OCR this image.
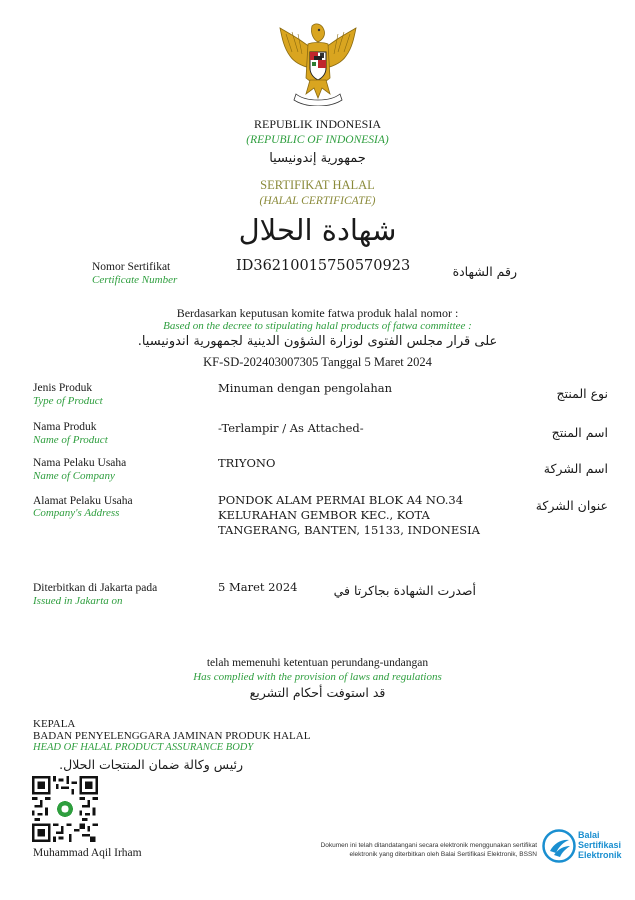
REPUBLIK INDONESIA
(REPUBLIC OF INDONESIA)
جمهورية إندونيسيا
SERTIFIKAT HALAL
(HALAL CERTIFICATE)
شهادة الحلال
Nomor Sertifikat
Certificate Number
ID36210015750570923	رقم الشهادة
Berdasarkan keputusan komite fatwa produk halal nomor :
Based on the decree to stipulating halal products of fatwa committee :
على قرار مجلس الفتوى لوزارة الشؤون الدينية لجمهورية اندونيسيا.
KF-SD-202403007305 Tanggal 5 Maret 2024
Jenis Produk
Type of Product
Minuman dengan pengolahan	نوع المنتج
Nama Produk
Name of Product
-Terlampir / As Attached-	اسم المنتج
Nama Pelaku Usaha
Name of Company
TRIYONO	اسم الشركة
Alamat Pelaku Usaha
Company's Address
PONDOK ALAM PERMAI BLOK A4 NO.34
KELURAHAN GEMBOR KEC., KOTA
TANGERANG, BANTEN, 15133, INDONESIA
عنوان الشركة
Diterbitkan di Jakarta pada
Issued in Jakarta on
5 Maret 2024	أصدرت الشهادة بجاكرتا في
telah memenuhi ketentuan perundang-undangan
Has complied with the provision of laws and regulations
قد استوفت أحكام التشريع
KEPALA
BADAN PENYELENGGARA JAMINAN PRODUK HALAL
HEAD OF HALAL PRODUCT ASSURANCE BODY
رئيس وكالة ضمان المنتجات الحلال.
Muhammad Aqil Irham
Dokumen ini telah ditandatangani secara elektronik menggunakan sertifikat
elektronik yang diterbitkan oleh Balai Sertifikasi Elektronik, BSSN
Balai
Sertifikasi
Elektronik
